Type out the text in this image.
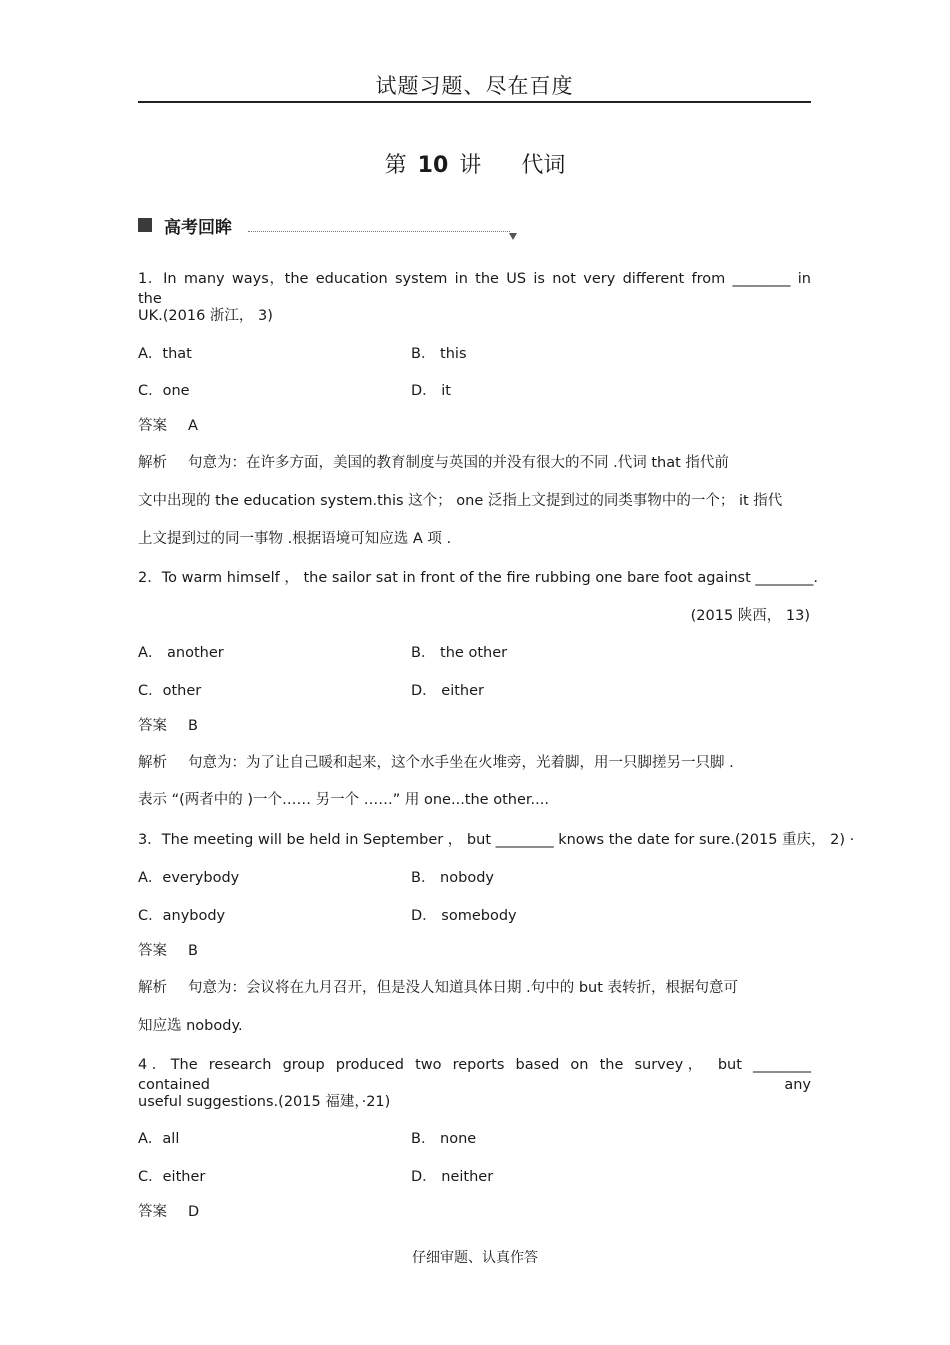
试题习题、尽在百度
第 10 讲 代词
高考回眸
1．In many ways，the education system in the US is not very different from ________ in the
UK.(2016 浙江， 3)
A．that	B． this
C．one	D． it
答案 A
解析 句意为：在许多方面，美国的教育制度与英国的并没有很大的不同 .代词 that 指代前
文中出现的 the education system.this 这个； one 泛指上文提到过的同类事物中的一个； it 指代
上文提到过的同一事物 .根据语境可知应选 A 项 .
2．To warm himself ， the sailor sat in front of the fire rubbing one bare foot against ________.
(2015 陕西， 13)
A． another	B． the other
C．other	D． either
答案 B
解析 句意为：为了让自己暖和起来，这个水手坐在火堆旁，光着脚，用一只脚搓另一只脚 .
表示 “(两者中的 )一个…… 另一个 ……” 用 one...the other....
3．The meeting will be held in September ， but ________ knows the date for sure.(2015 重庆， 2) ·
A．everybody	B． nobody
C．anybody	D． somebody
答案 B
解析 句意为：会议将在九月召开，但是没人知道具体日期 .句中的 but 表转折，根据句意可
知应选 nobody.
4．The research group produced two reports based on the survey， but ________ contained any
useful suggestions.(2015 福建，·21)
A．all	B． none
C．either	D． neither
答案 D
仔细审题、认真作答
